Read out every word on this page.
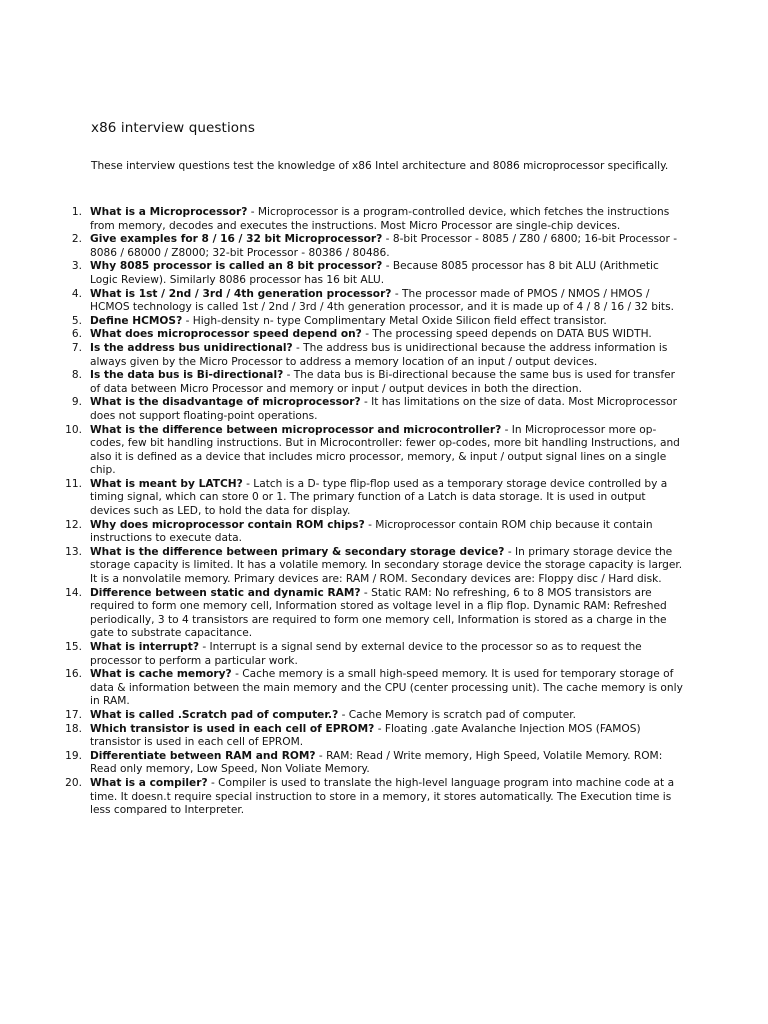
x86 interview questions

These interview questions test the knowledge of x86 Intel architecture and 8086 microprocessor specifically.

1. What is a Microprocessor? - Microprocessor is a program-controlled device, which fetches the instructions from memory, decodes and executes the instructions. Most Micro Processor are single-chip devices.
2. Give examples for 8 / 16 / 32 bit Microprocessor? - 8-bit Processor - 8085 / Z80 / 6800; 16-bit Processor - 8086 / 68000 / Z8000; 32-bit Processor - 80386 / 80486.
3. Why 8085 processor is called an 8 bit processor? - Because 8085 processor has 8 bit ALU (Arithmetic Logic Review). Similarly 8086 processor has 16 bit ALU.
4. What is 1st / 2nd / 3rd / 4th generation processor? - The processor made of PMOS / NMOS / HMOS / HCMOS technology is called 1st / 2nd / 3rd / 4th generation processor, and it is made up of 4 / 8 / 16 / 32 bits.
5. Define HCMOS? - High-density n- type Complimentary Metal Oxide Silicon field effect transistor.
6. What does microprocessor speed depend on? - The processing speed depends on DATA BUS WIDTH.
7. Is the address bus unidirectional? - The address bus is unidirectional because the address information is always given by the Micro Processor to address a memory location of an input / output devices.
8. Is the data bus is Bi-directional? - The data bus is Bi-directional because the same bus is used for transfer of data between Micro Processor and memory or input / output devices in both the direction.
9. What is the disadvantage of microprocessor? - It has limitations on the size of data. Most Microprocessor does not support floating-point operations.
10. What is the difference between microprocessor and microcontroller? - In Microprocessor more op-codes, few bit handling instructions. But in Microcontroller: fewer op-codes, more bit handling Instructions, and also it is defined as a device that includes micro processor, memory, & input / output signal lines on a single chip.
11. What is meant by LATCH? - Latch is a D- type flip-flop used as a temporary storage device controlled by a timing signal, which can store 0 or 1. The primary function of a Latch is data storage. It is used in output devices such as LED, to hold the data for display.
12. Why does microprocessor contain ROM chips? - Microprocessor contain ROM chip because it contain instructions to execute data.
13. What is the difference between primary & secondary storage device? - In primary storage device the storage capacity is limited. It has a volatile memory. In secondary storage device the storage capacity is larger. It is a nonvolatile memory. Primary devices are: RAM / ROM. Secondary devices are: Floppy disc / Hard disk.
14. Difference between static and dynamic RAM? - Static RAM: No refreshing, 6 to 8 MOS transistors are required to form one memory cell, Information stored as voltage level in a flip flop. Dynamic RAM: Refreshed periodically, 3 to 4 transistors are required to form one memory cell, Information is stored as a charge in the gate to substrate capacitance.
15. What is interrupt? - Interrupt is a signal send by external device to the processor so as to request the processor to perform a particular work.
16. What is cache memory? - Cache memory is a small high-speed memory. It is used for temporary storage of data & information between the main memory and the CPU (center processing unit). The cache memory is only in RAM.
17. What is called .Scratch pad of computer.? - Cache Memory is scratch pad of computer.
18. Which transistor is used in each cell of EPROM? - Floating .gate Avalanche Injection MOS (FAMOS) transistor is used in each cell of EPROM.
19. Differentiate between RAM and ROM? - RAM: Read / Write memory, High Speed, Volatile Memory. ROM: Read only memory, Low Speed, Non Voliate Memory.
20. What is a compiler? - Compiler is used to translate the high-level language program into machine code at a time. It doesn.t require special instruction to store in a memory, it stores automatically. The Execution time is less compared to Interpreter.
